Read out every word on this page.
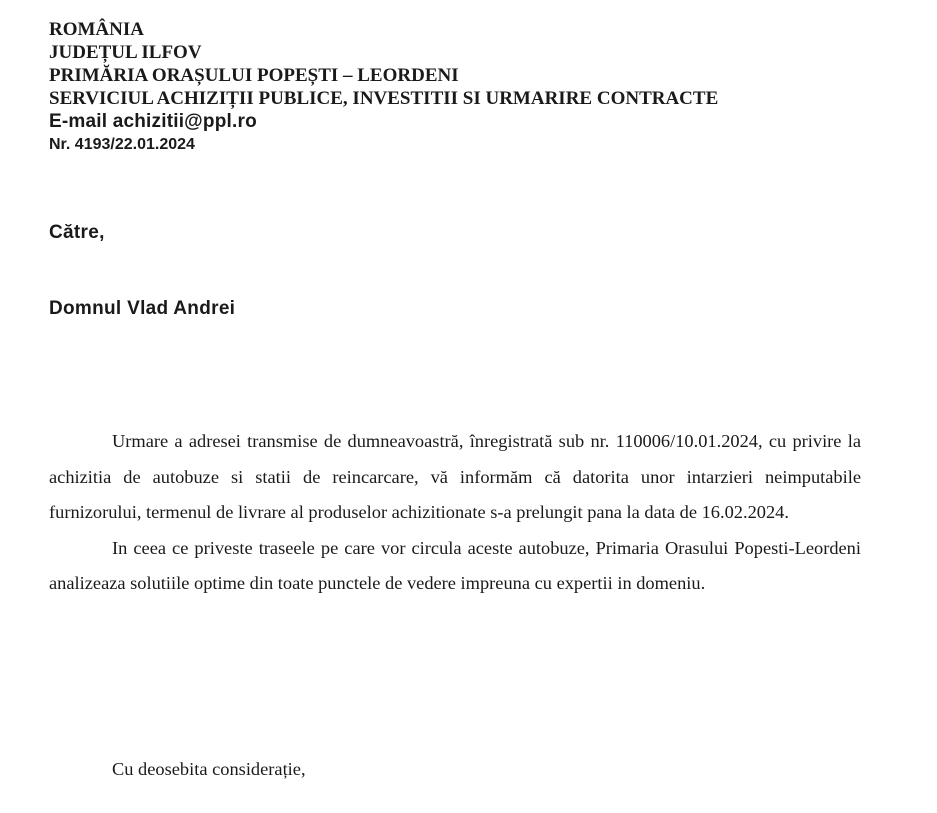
ROMÂNIA
JUDEȚUL ILFOV
PRIMĂRIA ORAȘULUI POPEȘTI – LEORDENI
SERVICIUL ACHIZIȚII PUBLICE, INVESTITII SI URMARIRE CONTRACTE
E-mail achizitii@ppl.ro
Nr. 4193/22.01.2024
Către,
Domnul Vlad Andrei

Urmare a adresei transmise de dumneavoastră, înregistrată sub nr. 110006/10.01.2024, cu privire la achizitia de autobuze si statii de reincarcare, vă informăm că datorita unor intarzieri neimputabile furnizorului, termenul de livrare al produselor achizitionate s-a prelungit pana la data de 16.02.2024.

In ceea ce priveste traseele pe care vor circula aceste autobuze, Primaria Orasului Popesti-Leordeni analizeaza solutiile optime din toate punctele de vedere impreuna cu expertii in domeniu.

Cu deosebita considerație,
